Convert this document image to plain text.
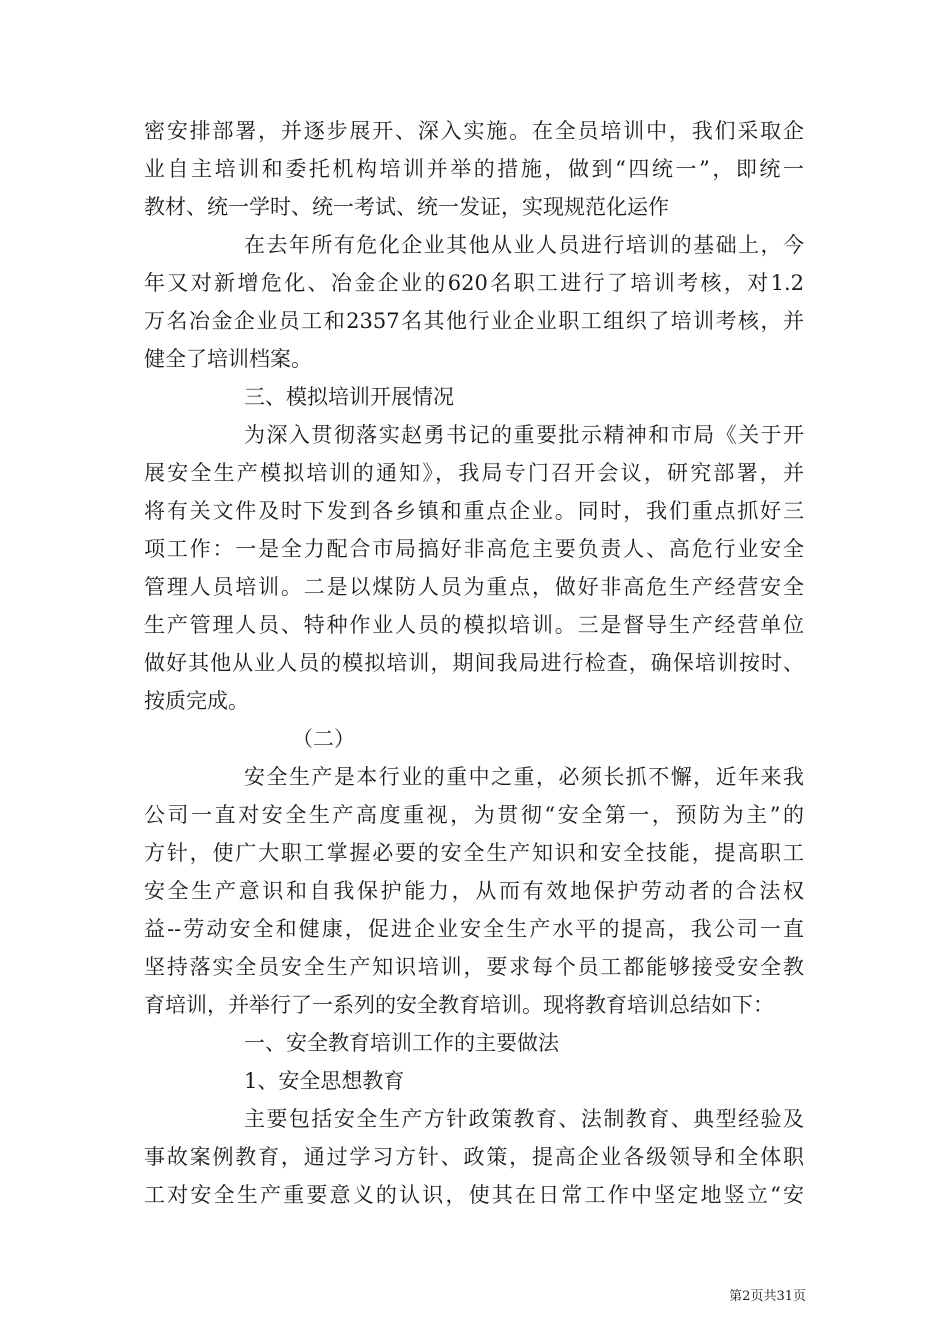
密安排部署，并逐步展开、深入实施。在全员培训中，我们采取企
业自主培训和委托机构培训并举的措施，做到“四统一”，即统一
教材、统一学时、统一考试、统一发证，实现规范化运作
在去年所有危化企业其他从业人员进行培训的基础上，今
年又对新增危化、冶金企业的620名职工进行了培训考核，对1.2
万名冶金企业员工和2357名其他行业企业职工组织了培训考核，并
健全了培训档案。
三、模拟培训开展情况
为深入贯彻落实赵勇书记的重要批示精神和市局《关于开
展安全生产模拟培训的通知》，我局专门召开会议，研究部署，并
将有关文件及时下发到各乡镇和重点企业。同时，我们重点抓好三
项工作：一是全力配合市局搞好非高危主要负责人、高危行业安全
管理人员培训。二是以煤防人员为重点，做好非高危生产经营安全
生产管理人员、特种作业人员的模拟培训。三是督导生产经营单位
做好其他从业人员的模拟培训，期间我局进行检查，确保培训按时、
按质完成。
（二）
安全生产是本行业的重中之重，必须长抓不懈，近年来我
公司一直对安全生产高度重视，为贯彻“安全第一，预防为主”的
方针，使广大职工掌握必要的安全生产知识和安全技能，提高职工
安全生产意识和自我保护能力，从而有效地保护劳动者的合法权
益--劳动安全和健康，促进企业安全生产水平的提高，我公司一直
坚持落实全员安全生产知识培训，要求每个员工都能够接受安全教
育培训，并举行了一系列的安全教育培训。现将教育培训总结如下：
一、安全教育培训工作的主要做法
1、安全思想教育
主要包括安全生产方针政策教育、法制教育、典型经验及
事故案例教育，通过学习方针、政策，提高企业各级领导和全体职
工对安全生产重要意义的认识，使其在日常工作中坚定地竖立“安
第2页共31页
